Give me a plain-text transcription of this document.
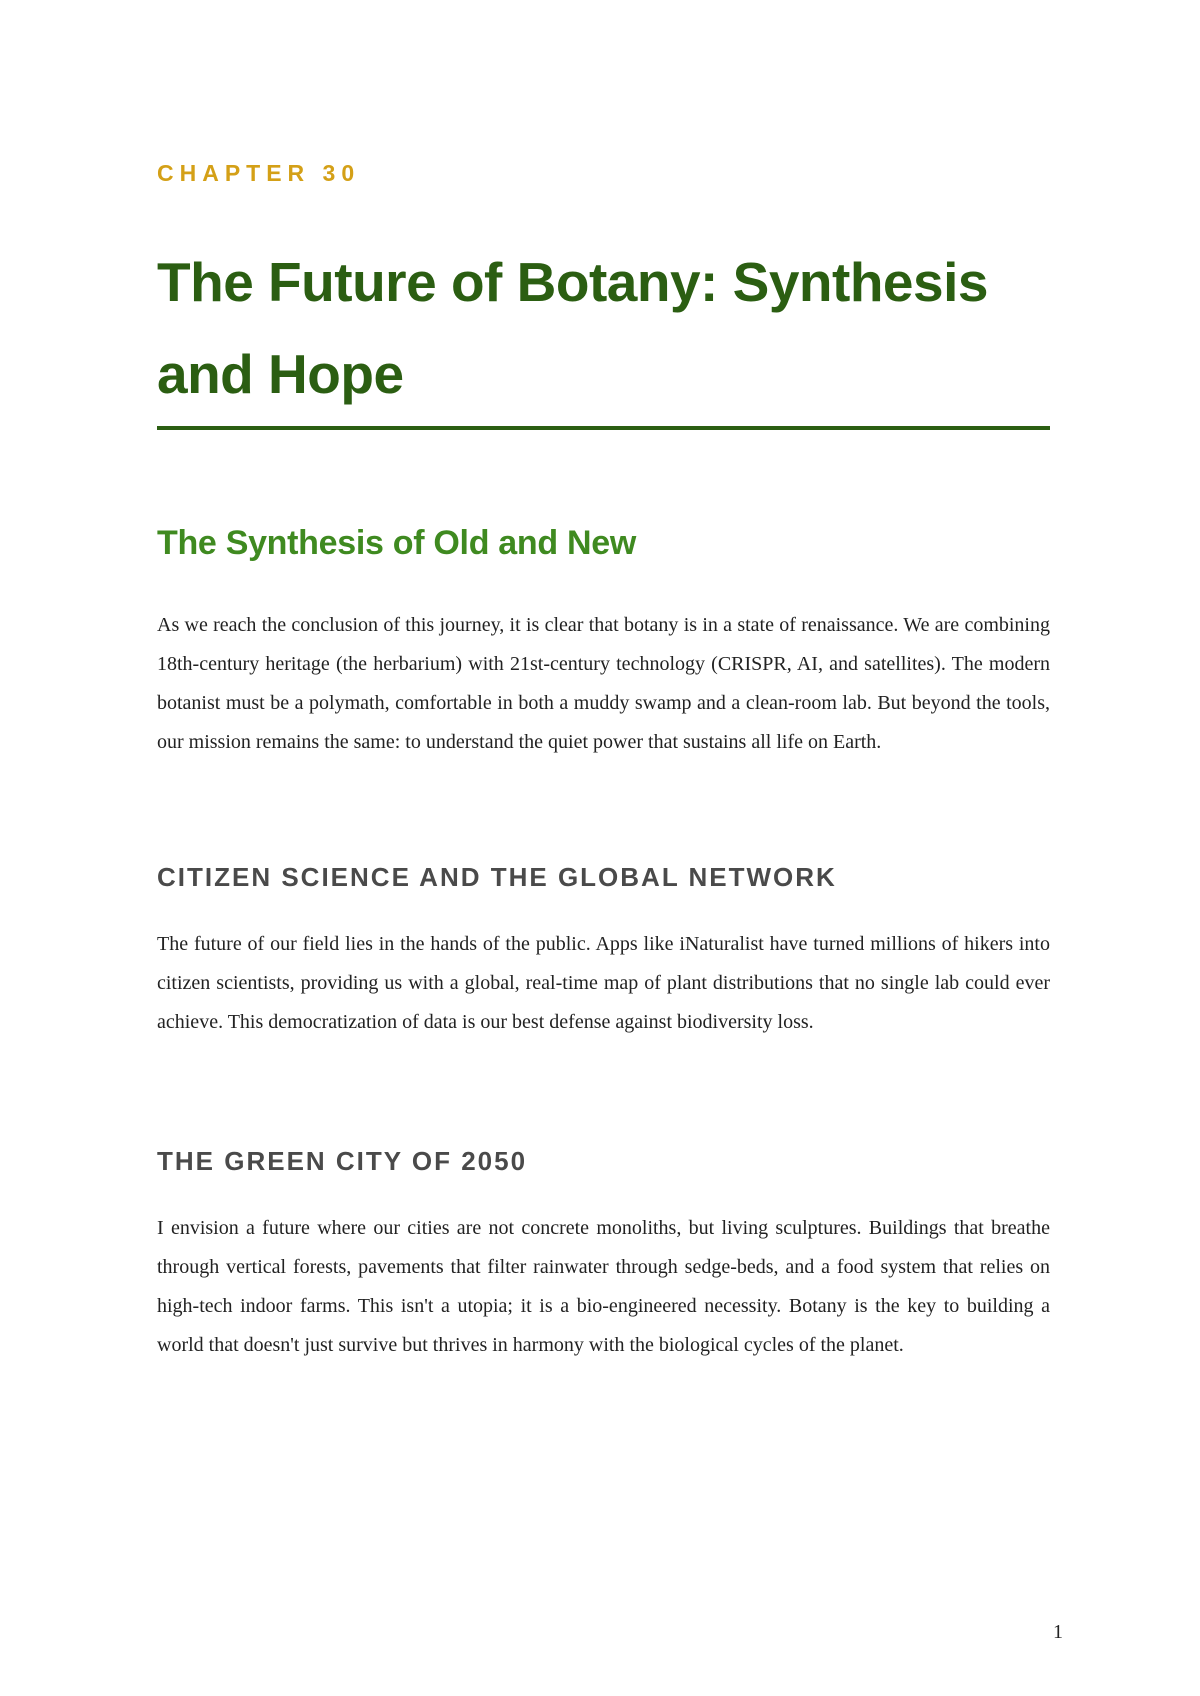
CHAPTER 30

The Future of Botany: Synthesis and Hope
The Synthesis of Old and New

As we reach the conclusion of this journey, it is clear that botany is in a state of renaissance. We are combining 18th-century heritage (the herbarium) with 21st-century technology (CRISPR, AI, and satellites). The modern botanist must be a polymath, comfortable in both a muddy swamp and a clean-room lab. But beyond the tools, our mission remains the same: to understand the quiet power that sustains all life on Earth.

CITIZEN SCIENCE AND THE GLOBAL NETWORK

The future of our field lies in the hands of the public. Apps like iNaturalist have turned millions of hikers into citizen scientists, providing us with a global, real-time map of plant distributions that no single lab could ever achieve. This democratization of data is our best defense against biodiversity loss.

THE GREEN CITY OF 2050

I envision a future where our cities are not concrete monoliths, but living sculptures. Buildings that breathe through vertical forests, pavements that filter rainwater through sedge-beds, and a food system that relies on high-tech indoor farms. This isn't a utopia; it is a bio-engineered necessity. Botany is the key to building a world that doesn't just survive but thrives in harmony with the biological cycles of the planet.

1
